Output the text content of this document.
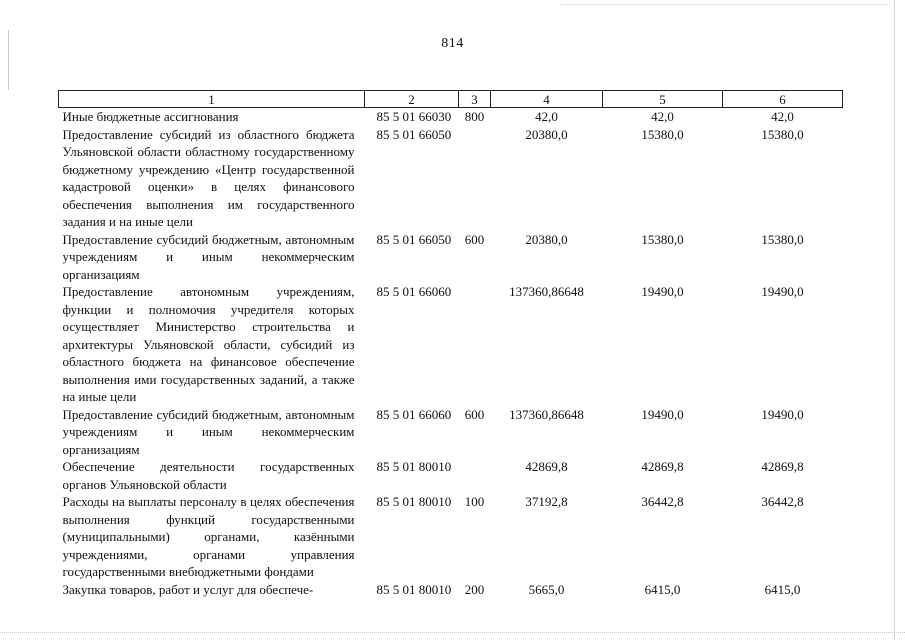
814
1	2	3	4	5	6
Иные бюджетные ассигнования	85 5 01 66030	800	42,0	42,0	42,0
Предоставление субсидий из областного бюджета Ульяновской области областному государственному бюджетному учреждению «Центр государственной кадастровой оценки» в целях финансового обеспечения выполнения им государственного задания и на иные цели	85 5 01 66050		20380,0	15380,0	15380,0
Предоставление субсидий бюджетным, автономным учреждениям и иным некоммерческим организациям	85 5 01 66050	600	20380,0	15380,0	15380,0
Предоставление автономным учреждениям, функции и полномочия учредителя которых осуществляет Министерство строительства и архитектуры Ульяновской области, субсидий из областного бюджета на финансовое обеспечение выполнения ими государственных заданий, а также на иные цели	85 5 01 66060		137360,86648	19490,0	19490,0
Предоставление субсидий бюджетным, автономным учреждениям и иным некоммерческим организациям	85 5 01 66060	600	137360,86648	19490,0	19490,0
Обеспечение деятельности государственных органов Ульяновской области	85 5 01 80010		42869,8	42869,8	42869,8
Расходы на выплаты персоналу в целях обеспечения выполнения функций государственными (муниципальными) органами, казёнными учреждениями, органами управления государственными внебюджетными фондами	85 5 01 80010	100	37192,8	36442,8	36442,8
Закупка товаров, работ и услуг для обеспече-	85 5 01 80010	200	5665,0	6415,0	6415,0
